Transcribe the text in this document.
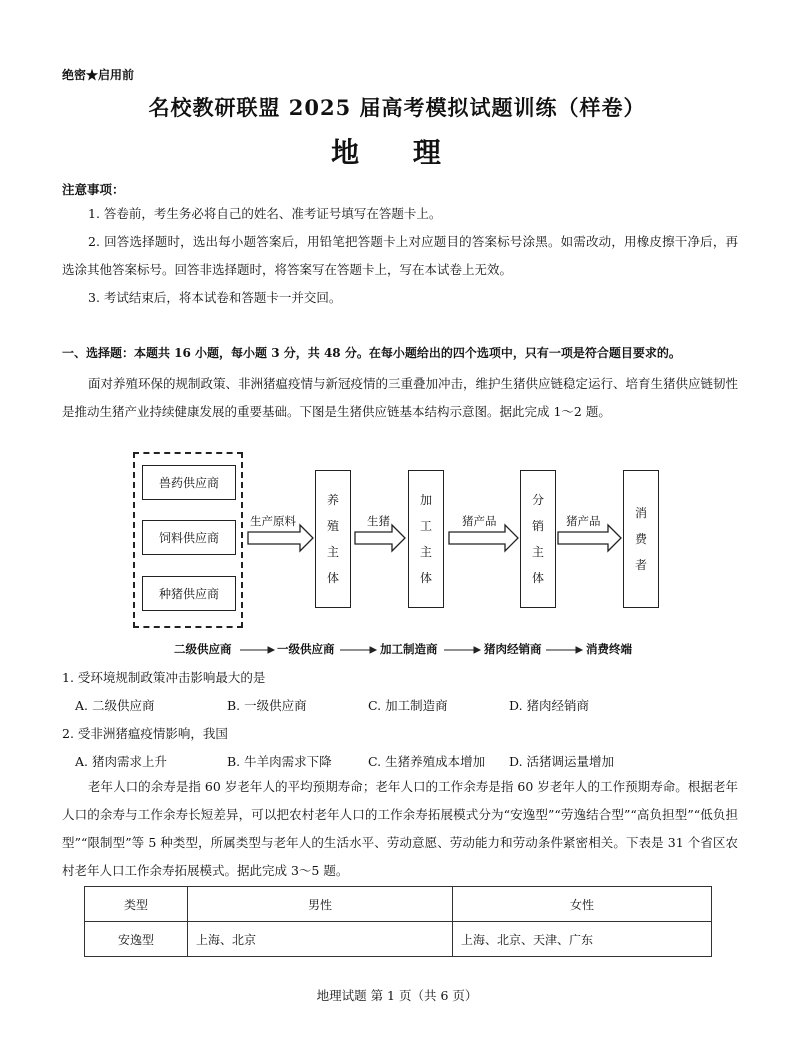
绝密★启用前
名校教研联盟 2025 届高考模拟试题训练（样卷）
地 理
注意事项：
1. 答卷前，考生务必将自己的姓名、准考证号填写在答题卡上。
2. 回答选择题时，选出每小题答案后，用铅笔把答题卡上对应题目的答案标号涂黑。如需改动，用橡皮擦干净后，再选涂其他答案标号。回答非选择题时，将答案写在答题卡上，写在本试卷上无效。
3. 考试结束后，将本试卷和答题卡一并交回。
一、选择题：本题共 16 小题，每小题 3 分，共 48 分。在每小题给出的四个选项中，只有一项是符合题目要求的。
面对养殖环保的规制政策、非洲猪瘟疫情与新冠疫情的三重叠加冲击，维护生猪供应链稳定运行、培育生猪供应链韧性是推动生猪产业持续健康发展的重要基础。下图是生猪供应链基本结构示意图。据此完成 1～2 题。
兽药供应商
饲料供应商
种猪供应商
生产原料	生猪	猪产品	猪产品
养
殖
主
体
加
工
主
体
分
销
主
体
消
费
者
二级供应商	一级供应商	加工制造商	猪肉经销商	消费终端
1. 受环境规制政策冲击影响最大的是
A. 二级供应商	B. 一级供应商	C. 加工制造商	D. 猪肉经销商
2. 受非洲猪瘟疫情影响，我国
A. 猪肉需求上升	B. 牛羊肉需求下降	C. 生猪养殖成本增加 D. 活猪调运量增加
老年人口的余寿是指 60 岁老年人的平均预期寿命；老年人口的工作余寿是指 60 岁老年人的工作预期寿命。根据老年人口的余寿与工作余寿长短差异，可以把农村老年人口的工作余寿拓展模式分为“安逸型”“劳逸结合型”“高负担型”“低负担型”“限制型”等 5 种类型，所属类型与老年人的生活水平、劳动意愿、劳动能力和劳动条件紧密相关。下表是 31 个省区农村老年人口工作余寿拓展模式。据此完成 3～5 题。
类型	男性	女性
安逸型	上海、北京	上海、北京、天津、广东
地理试题 第 1 页（共 6 页）
